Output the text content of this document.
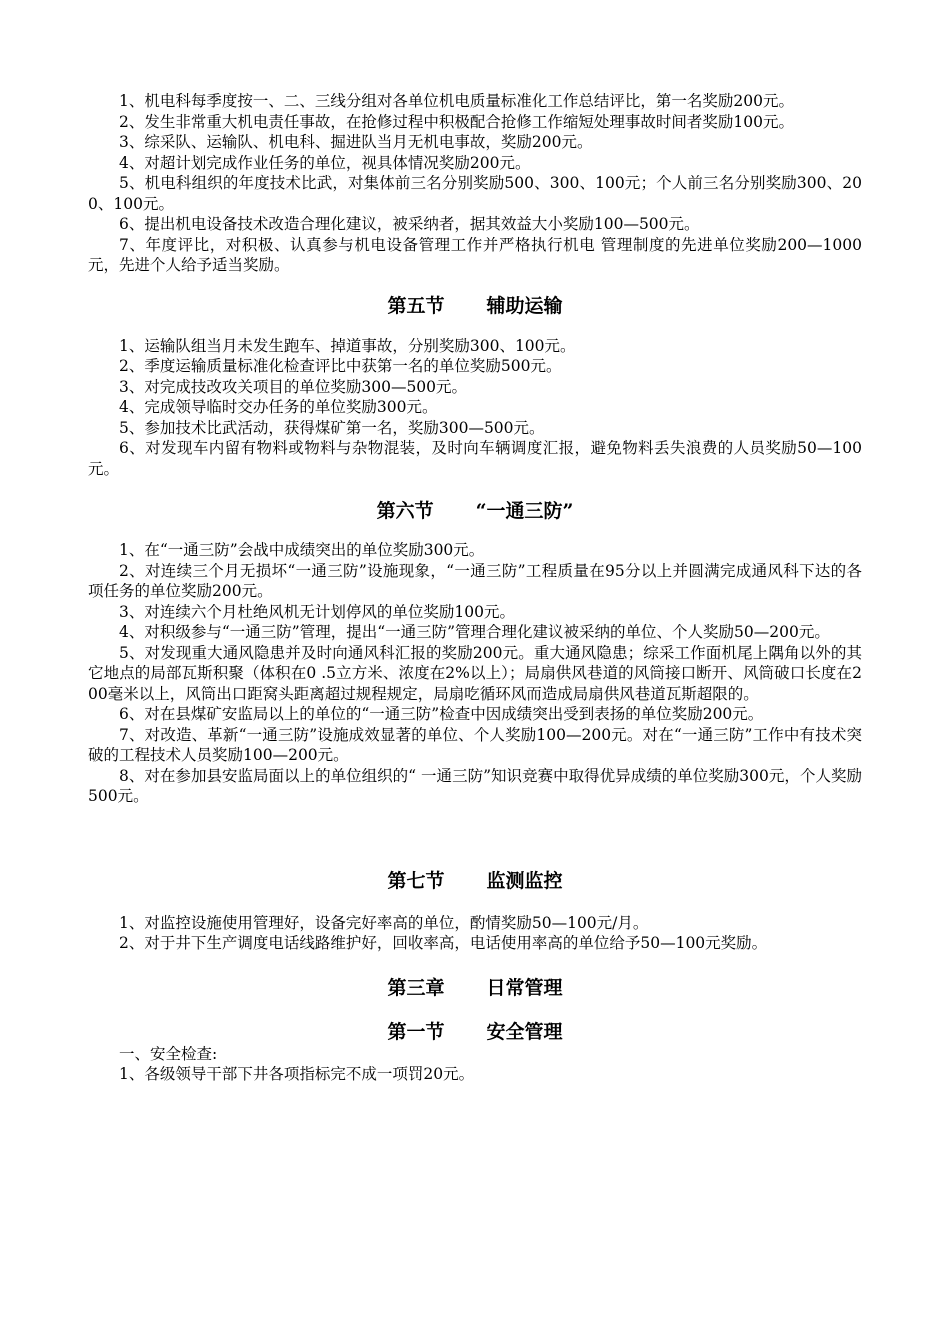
1、机电科每季度按一、二、三线分组对各单位机电质量标准化工作总结评比，第一名奖励200元。

2、发生非常重大机电责任事故，在抢修过程中积极配合抢修工作缩短处理事故时间者奖励100元。

3、综采队、运输队、机电科、掘进队当月无机电事故，奖励200元。

4、对超计划完成作业任务的单位，视具体情况奖励200元。

5、机电科组织的年度技术比武，对集体前三名分别奖励500、300、100元；个人前三名分别奖励300、200、100元。

6、提出机电设备技术改造合理化建议，被采纳者，据其效益大小奖励100—500元。

7、年度评比，对积极、认真参与机电设备管理工作并严格执行机电 管理制度的先进单位奖励200—1000元，先进个人给予适当奖励。

第五节 辅助运输

1、运输队组当月未发生跑车、掉道事故，分别奖励300、100元。

2、季度运输质量标准化检查评比中获第一名的单位奖励500元。

3、对完成技改攻关项目的单位奖励300—500元。

4、完成领导临时交办任务的单位奖励300元。

5、参加技术比武活动，获得煤矿第一名，奖励300—500元。

6、对发现车内留有物料或物料与杂物混装，及时向车辆调度汇报，避免物料丢失浪费的人员奖励50—100元。

第六节 “一通三防”

1、在“一通三防”会战中成绩突出的单位奖励300元。

2、对连续三个月无损坏“一通三防”设施现象，“一通三防”工程质量在95分以上并圆满完成通风科下达的各项任务的单位奖励200元。

3、对连续六个月杜绝风机无计划停风的单位奖励100元。

4、对积级参与“一通三防”管理，提出“一通三防”管理合理化建议被采纳的单位、个人奖励50—200元。

5、对发现重大通风隐患并及时向通风科汇报的奖励200元。重大通风隐患；综采工作面机尾上隅角以外的其它地点的局部瓦斯积聚（体积在0 .5立方米、浓度在2%以上）；局扇供风巷道的风筒接口断开、风筒破口长度在200毫米以上，风筒出口距窝头距离超过规程规定，局扇吃循环风而造成局扇供风巷道瓦斯超限的。

6、对在县煤矿安监局以上的单位的“一通三防”检查中因成绩突出受到表扬的单位奖励200元。

7、对改造、革新“一通三防”设施成效显著的单位、个人奖励100—200元。对在“一通三防”工作中有技术突破的工程技术人员奖励100—200元。

8、对在参加县安监局面以上的单位组织的“ 一通三防”知识竞赛中取得优异成绩的单位奖励300元，个人奖励500元。

第七节 监测监控

1、对监控设施使用管理好，设备完好率高的单位，酌情奖励50—100元/月。

2、对于井下生产调度电话线路维护好，回收率高，电话使用率高的单位给予50—100元奖励。

第三章 日常管理
第一节 安全管理

一、安全检查:

1、各级领导干部下井各项指标完不成一项罚20元。
